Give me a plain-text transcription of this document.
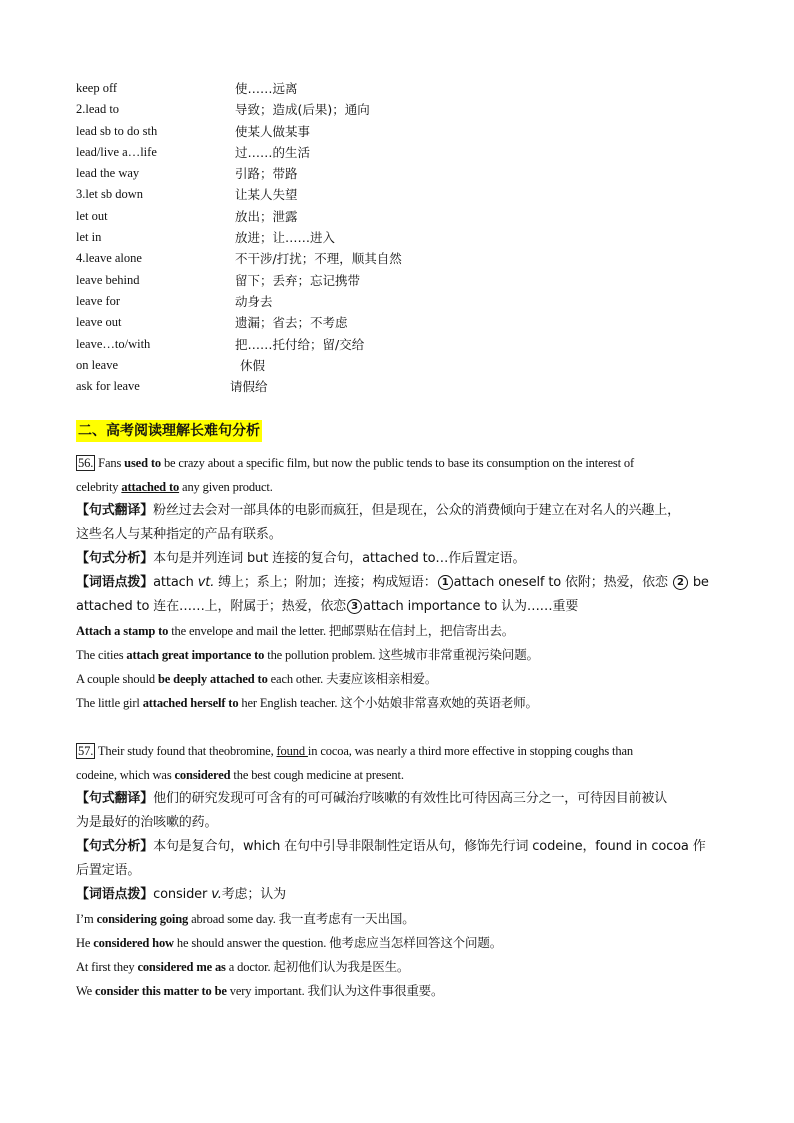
keep off	使……远离
2.lead to	导致；造成(后果)；通向
lead sb to do sth	使某人做某事
lead/live a…life	过……的生活
lead the way	引路；带路
3.let sb down	让某人失望
let out	放出；泄露
let in	放进；让……进入
4.leave alone	不干涉/打扰；不理，顺其自然
leave behind	留下；丢弃；忘记携带
leave for	动身去
leave out	遗漏；省去；不考虑
leave…to/with	把……托付给；留/交给
on leave	休假
ask for leave	请假给
二、高考阅读理解长难句分析
56. Fans used to be crazy about a specific film, but now the public tends to base its consumption on the interest of
celebrity attached to any given product.
【句式翻译】粉丝过去会对一部具体的电影而疯狂，但是现在，公众的消费倾向于建立在对名人的兴趣上，
这些名人与某种指定的产品有联系。
【句式分析】本句是并列连词 but 连接的复合句，attached to…作后置定语。
【词语点拨】attach vt. 缚上；系上；附加；连接；构成短语： 1 attach oneself to 依附；热爱，依恋 2 be
attached to 连在……上，附属于；热爱，依恋 3 attach importance to 认为……重要
Attach a stamp to the envelope and mail the letter. 把邮票贴在信封上，把信寄出去。
The cities attach great importance to the pollution problem. 这些城市非常重视污染问题。
A couple should be deeply attached to each other. 夫妻应该相亲相爱。
The little girl attached herself to her English teacher. 这个小姑娘非常喜欢她的英语老师。
57. Their study found that theobromine, found in cocoa, was nearly a third more effective in stopping coughs than
codeine, which was considered the best cough medicine at present.
【句式翻译】他们的研究发现可可含有的可可碱治疗咳嗽的有效性比可待因高三分之一，可待因目前被认
为是最好的治咳嗽的药。
【句式分析】本句是复合句，which 在句中引导非限制性定语从句，修饰先行词 codeine，found in cocoa 作
后置定语。
【词语点拨】consider v.考虑；认为
I’m considering going abroad some day. 我一直考虑有一天出国。
He considered how he should answer the question. 他考虑应当怎样回答这个问题。
At first they considered me as a doctor. 起初他们认为我是医生。
We consider this matter to be very important. 我们认为这件事很重要。
